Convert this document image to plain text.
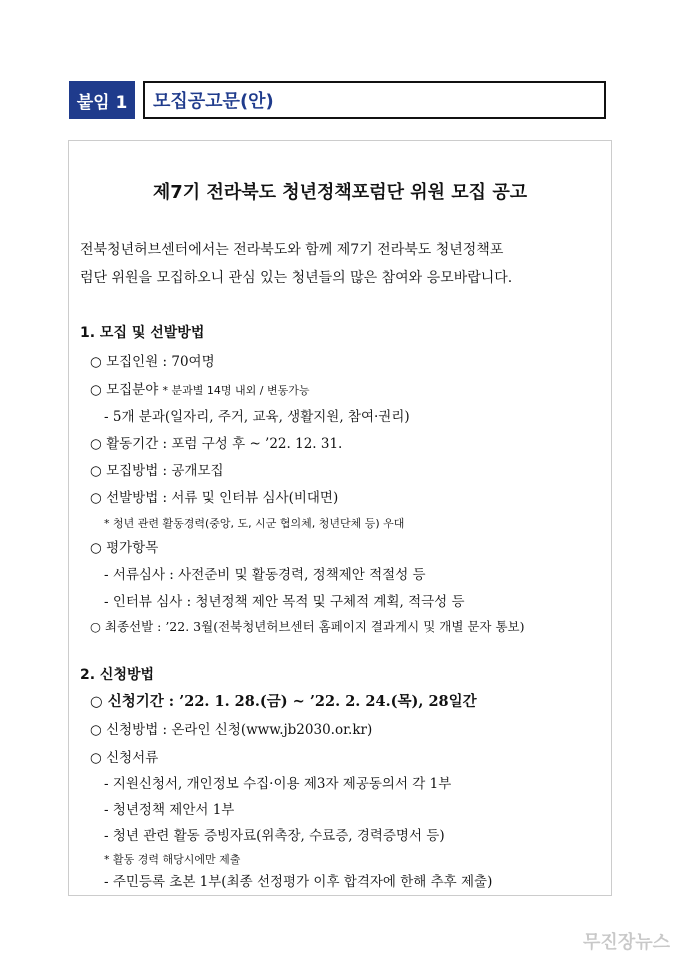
붙임 1	모집공고문(안)
제7기 전라북도 청년정책포럼단 위원 모집 공고
전북청년허브센터에서는 전라북도와 함께 제7기 전라북도 청년정책포
럼단 위원을 모집하오니 관심 있는 청년들의 많은 참여와 응모바랍니다.
1. 모집 및 선발방법
○ 모집인원 : 70여명
○ 모집분야 * 분과별 14명 내외 / 변동가능
- 5개 분과(일자리, 주거, 교육, 생활지원, 참여·권리)
○ 활동기간 : 포럼 구성 후 ~ ’22. 12. 31.
○ 모집방법 : 공개모집
○ 선발방법 : 서류 및 인터뷰 심사(비대면)
* 청년 관련 활동경력(중앙, 도, 시군 협의체, 청년단체 등) 우대
○ 평가항목
- 서류심사 : 사전준비 및 활동경력, 정책제안 적절성 등
- 인터뷰 심사 : 청년정책 제안 목적 및 구체적 계획, 적극성 등
○ 최종선발 : ’22. 3월(전북청년허브센터 홈페이지 결과게시 및 개별 문자 통보)
2. 신청방법
○ 신청기간 : ’22. 1. 28.(금) ~ ’22. 2. 24.(목), 28일간
○ 신청방법 : 온라인 신청(www.jb2030.or.kr)
○ 신청서류
- 지원신청서, 개인정보 수집·이용 제3자 제공동의서 각 1부
- 청년정책 제안서 1부
- 청년 관련 활동 증빙자료(위촉장, 수료증, 경력증명서 등)
* 활동 경력 해당시에만 제출
- 주민등록 초본 1부(최종 선정평가 이후 합격자에 한해 추후 제출)
무진장뉴스
